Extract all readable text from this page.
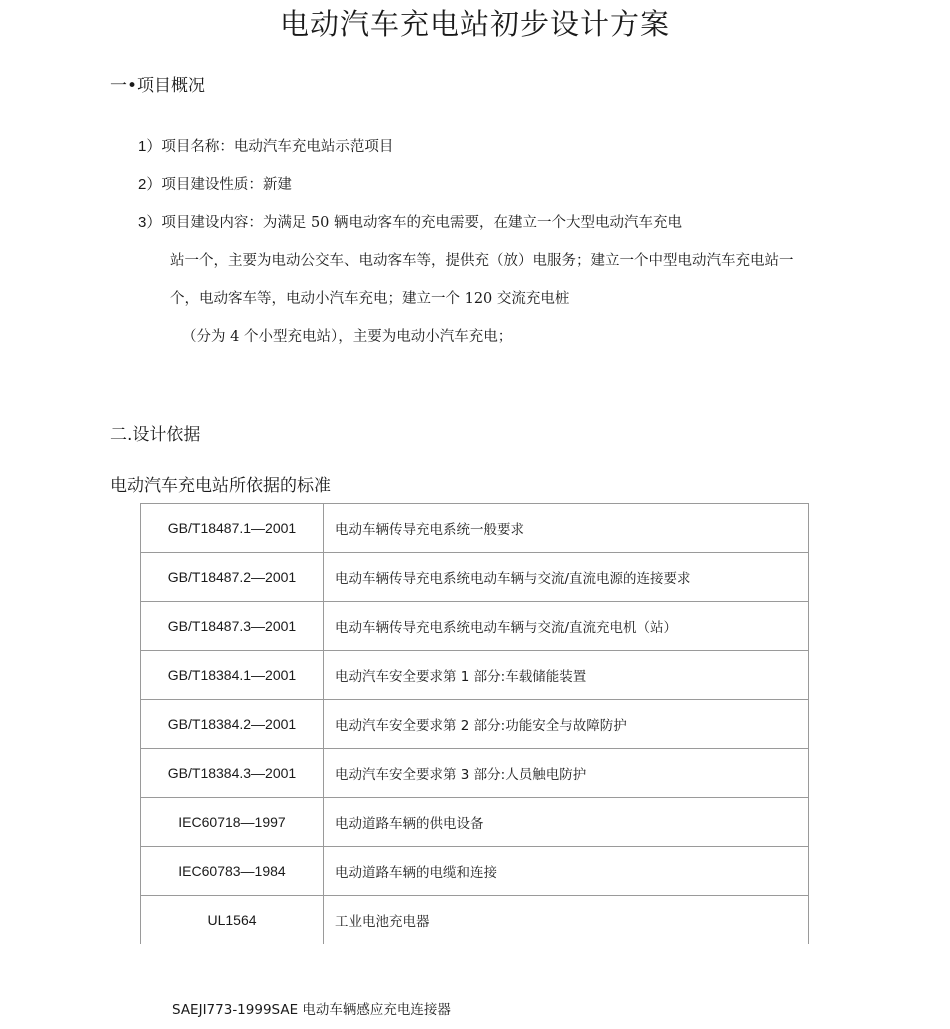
电动汽车充电站初步设计方案
一•项目概况
1）项目名称：电动汽车充电站示范项目
2）项目建设性质：新建
3）项目建设内容：为满足 50 辆电动客车的充电需要，在建立一个大型电动汽车充电
站一个，主要为电动公交车、电动客车等，提供充（放）电服务；建立一个中型电动汽车充电站一
个，电动客车等，电动小汽车充电；建立一个 120 交流充电桩
（分为 4 个小型充电站），主要为电动小汽车充电；
二.设计依据
电动汽车充电站所依据的标准
GB/T18487.1—2001	电动车辆传导充电系统一般要求
GB/T18487.2—2001	电动车辆传导充电系统电动车辆与交流/直流电源的连接要求
GB/T18487.3—2001	电动车辆传导充电系统电动车辆与交流/直流充电机（站）
GB/T18384.1—2001	电动汽车安全要求第 1 部分:车载储能装置
GB/T18384.2—2001	电动汽车安全要求第 2 部分:功能安全与故障防护
GB/T18384.3—2001	电动汽车安全要求第 3 部分:人员触电防护
IEC60718—1997	电动道路车辆的供电设备
IEC60783—1984	电动道路车辆的电缆和连接
UL1564	工业电池充电器
SAEJI773-1999SAE 电动车辆感应充电连接器
